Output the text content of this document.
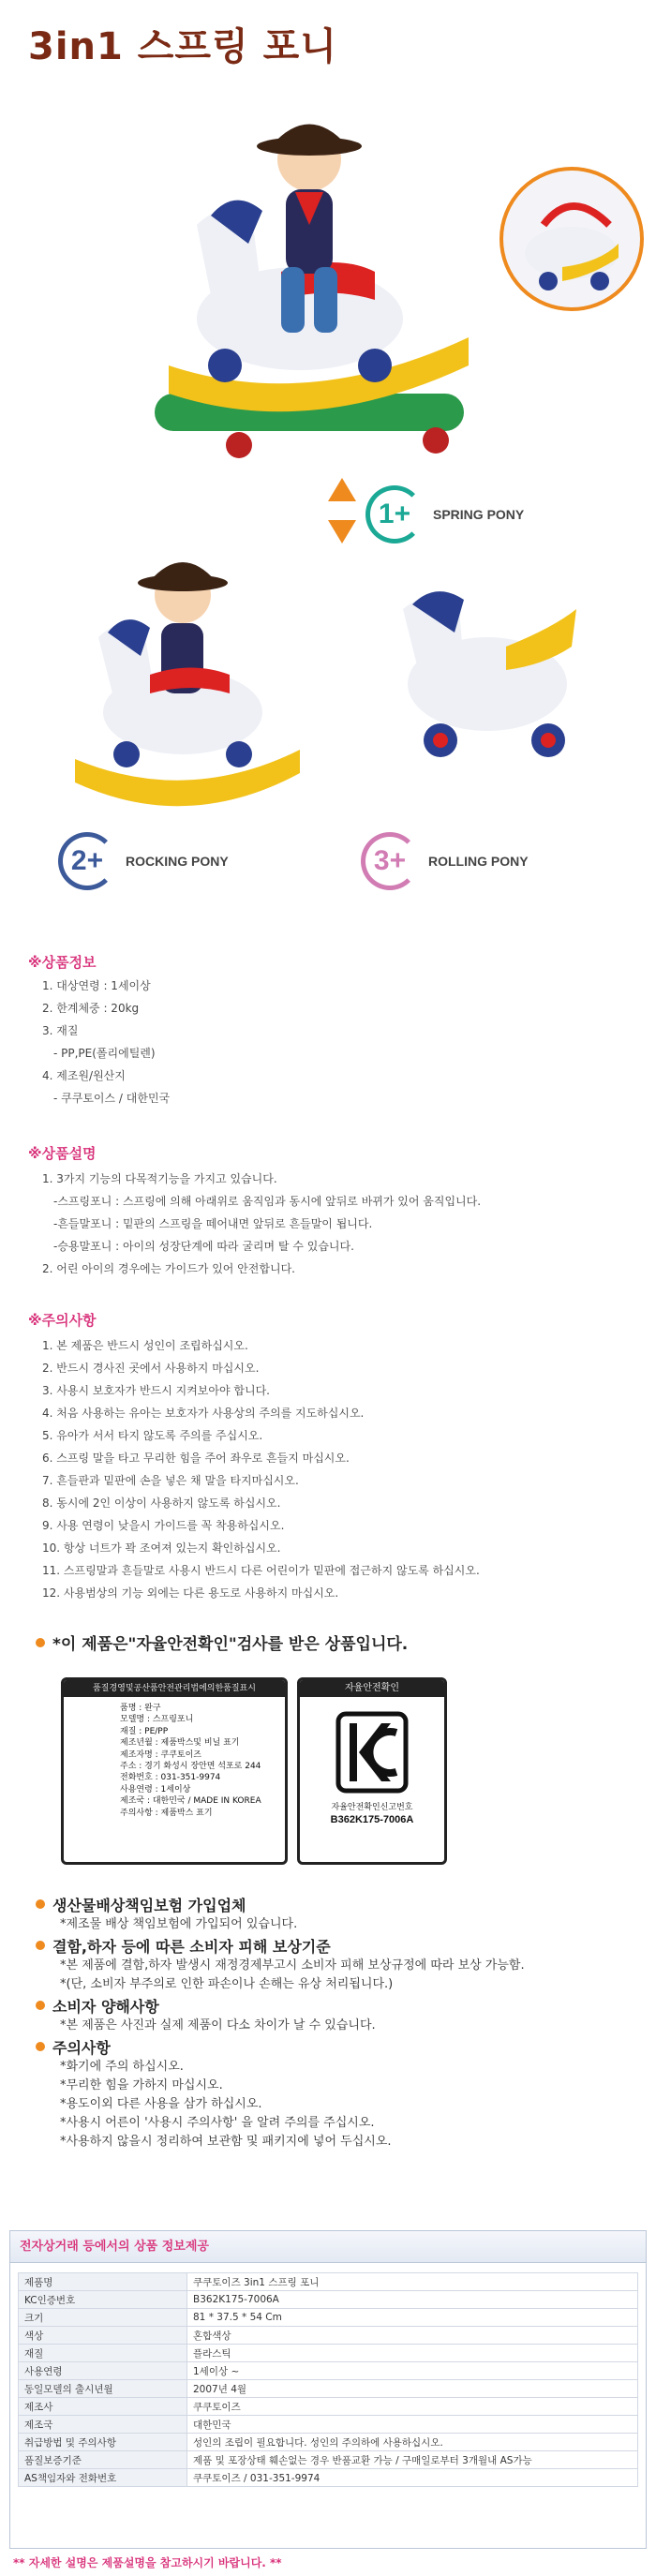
3in1 스프링 포니
1+	SPRING PONY
2+	ROCKING PONY	3+	ROLLING PONY
※상품정보
1. 대상연령 : 1세이상
2. 한계체중 : 20kg
3. 재질
- PP,PE(폴리에틸렌)
4. 제조원/원산지
- 쿠쿠토이스 / 대한민국
※상품설명
1. 3가지 기능의 다목적기능을 가지고 있습니다.
-스프링포니 : 스프링에 의해 아래위로 움직임과 동시에 앞뒤로 바뀌가 있어 움직입니다.
-흔들말포니 : 밑판의 스프링을 떼어내면 앞뒤로 흔들말이 됩니다.
-승용말포니 : 아이의 성장단계에 따라 굴리며 탈 수 있습니다.
2. 어린 아이의 경우에는 가이드가 있어 안전합니다.
※주의사항
1. 본 제품은 반드시 성인이 조립하십시오.
2. 반드시 경사진 곳에서 사용하지 마십시오.
3. 사용시 보호자가 반드시 지켜보아야 합니다.
4. 처음 사용하는 유아는 보호자가 사용상의 주의를 지도하십시오.
5. 유아가 서서 타지 않도록 주의를 주십시오.
6. 스프링 말을 타고 무리한 힘을 주어 좌우로 흔들지 마십시오.
7. 흔들판과 밑판에 손을 넣은 채 말을 타지마십시오.
8. 동시에 2인 이상이 사용하지 않도록 하십시오.
9. 사용 연령이 낮을시 가이드를 꼭 착용하십시오.
10. 항상 너트가 꽉 조여져 있는지 확인하십시오.
11. 스프링말과 흔들말로 사용시 반드시 다른 어린이가 밑판에 접근하지 않도록 하십시오.
12. 사용범상의 기능 외에는 다른 용도로 사용하지 마십시오.
*이 제품은 "자율안전확인" 검사를 받은 상품입니다.
품질경영및공산품안전관리법에의한품질표시
품명 : 완구
모델명 : 스프링포니
재질 : PE/PP
제조년월 : 제품박스및 비닐 표기
제조자명 : 쿠쿠토이즈
주소 : 경기 화성시 장안면 석포로 244
전화번호 : 031-351-9974
사용연령 : 1세이상
제조국 : 대한민국 / MADE IN KOREA
주의사항 : 제품박스 표기
자율안전확인
자율안전확인신고번호
B362K175-7006A
생산물배상책임보험 가입업체
*제조물 배상 책임보험에 가입되어 있습니다.
결함,하자 등에 따른 소비자 피해 보상기준
*본 제품에 결함,하자 발생시 재정경제부고시 소비자 피해 보상규정에 따라 보상 가능함.
*(단, 소비자 부주의로 인한 파손이나 손해는 유상 처리됩니다.)
소비자 양해사항
*본 제품은 사진과 실제 제품이 다소 차이가 날 수 있습니다.
주의사항
*화기에 주의 하십시오.
*무리한 힘을 가하지 마십시오.
*용도이외 다른 사용을 삼가 하십시오.
*사용시 어른이 '사용시 주의사항' 을 알려 주의를 주십시오.
*사용하지 않을시 정리하여 보관함 및 패키지에 넣어 두십시오.
전자상거래 등에서의 상품 정보제공
제품명	쿠쿠토이즈 3in1 스프링 포니
KC인증번호	B362K175-7006A
크기	81 * 37.5 * 54 Cm
색상	혼합색상
재질	플라스틱
사용연령	1세이상 ~
동일모델의 출시년월	2007년 4월
제조사	쿠쿠토이즈
제조국	대한민국
취급방법 및 주의사항	성인의 조립이 필요합니다. 성인의 주의하에 사용하십시오.
품질보증기준	제품 및 포장상태 훼손없는 경우 반품교환 가능 / 구매일로부터 3개월내 AS가능
AS책임자와 전화번호	쿠쿠토이즈 / 031-351-9974
** 자세한 설명은 제품설명을 참고하시기 바랍니다. **
